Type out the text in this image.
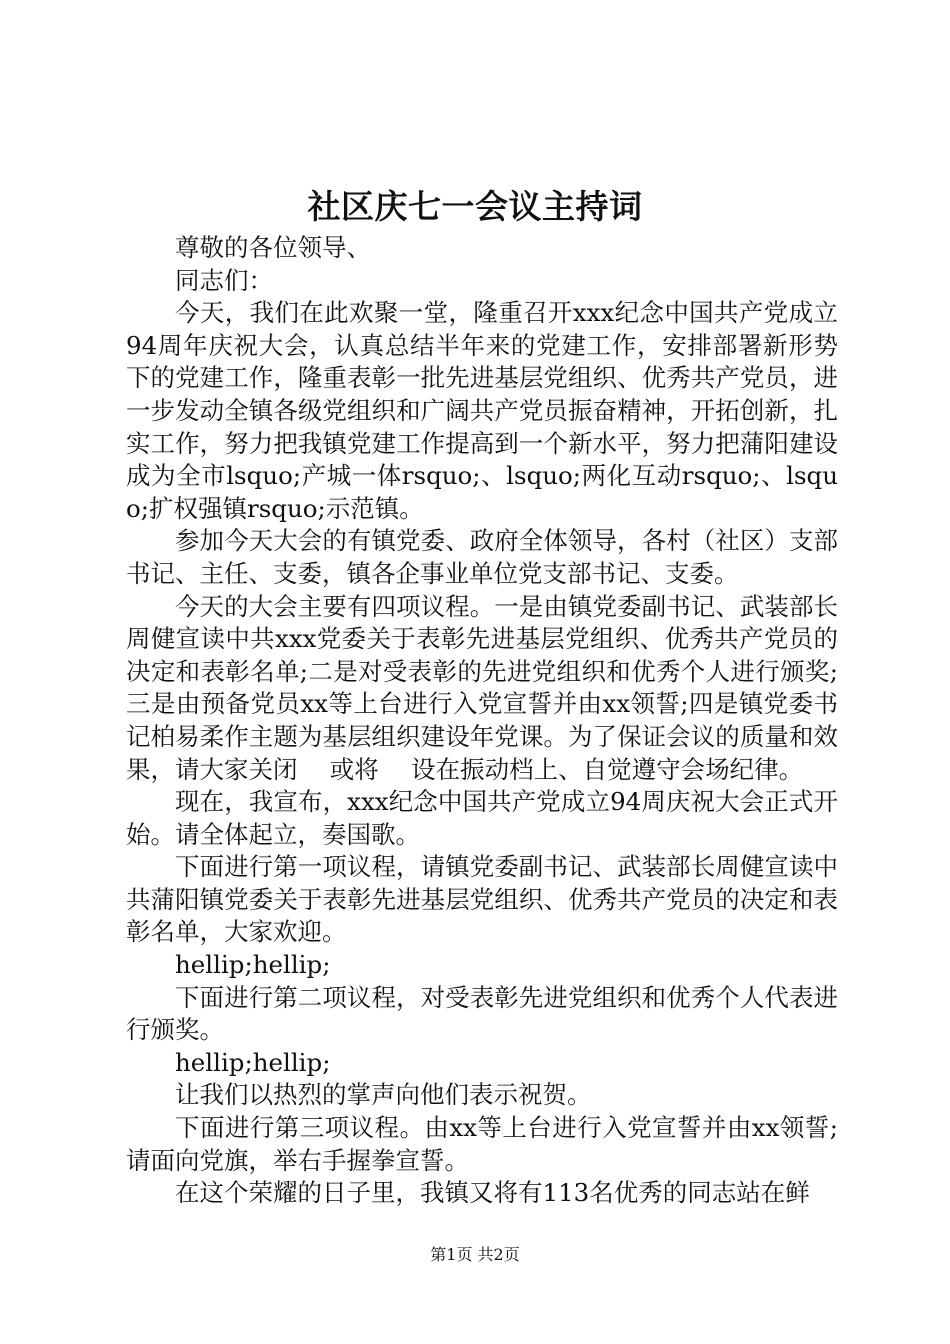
社区庆七一会议主持词

尊敬的各位领导、

同志们：

今天，我们在此欢聚一堂，隆重召开xxx纪念中国共产党成立94周年庆祝大会，认真总结半年来的党建工作，安排部署新形势下的党建工作，隆重表彰一批先进基层党组织、优秀共产党员，进一步发动全镇各级党组织和广阔共产党员振奋精神，开拓创新，扎实工作，努力把我镇党建工作提高到一个新水平，努力把蒲阳建设成为全市lsquo;产城一体rsquo;、lsquo;两化互动rsquo;、lsquo;扩权强镇rsquo;示范镇。

参加今天大会的有镇党委、政府全体领导，各村（社区）支部书记、主任、支委，镇各企事业单位党支部书记、支委。

今天的大会主要有四项议程。一是由镇党委副书记、武装部长周健宣读中共xxx党委关于表彰先进基层党组织、优秀共产党员的决定和表彰名单;二是对受表彰的先进党组织和优秀个人进行颁奖;三是由预备党员xx等上台进行入党宣誓并由xx领誓;四是镇党委书记柏易柔作主题为基层组织建设年党课。为了保证会议的质量和效果，请大家关闭　 或将　 设在振动档上、自觉遵守会场纪律。

现在，我宣布，xxx纪念中国共产党成立94周庆祝大会正式开始。请全体起立，奏国歌。

下面进行第一项议程，请镇党委副书记、武装部长周健宣读中共蒲阳镇党委关于表彰先进基层党组织、优秀共产党员的决定和表彰名单，大家欢迎。

hellip;hellip;

下面进行第二项议程，对受表彰先进党组织和优秀个人代表进行颁奖。

hellip;hellip;

让我们以热烈的掌声向他们表示祝贺。

下面进行第三项议程。由xx等上台进行入党宣誓并由xx领誓;请面向党旗，举右手握拳宣誓。

在这个荣耀的日子里，我镇又将有113名优秀的同志站在鲜

第1页 共2页
